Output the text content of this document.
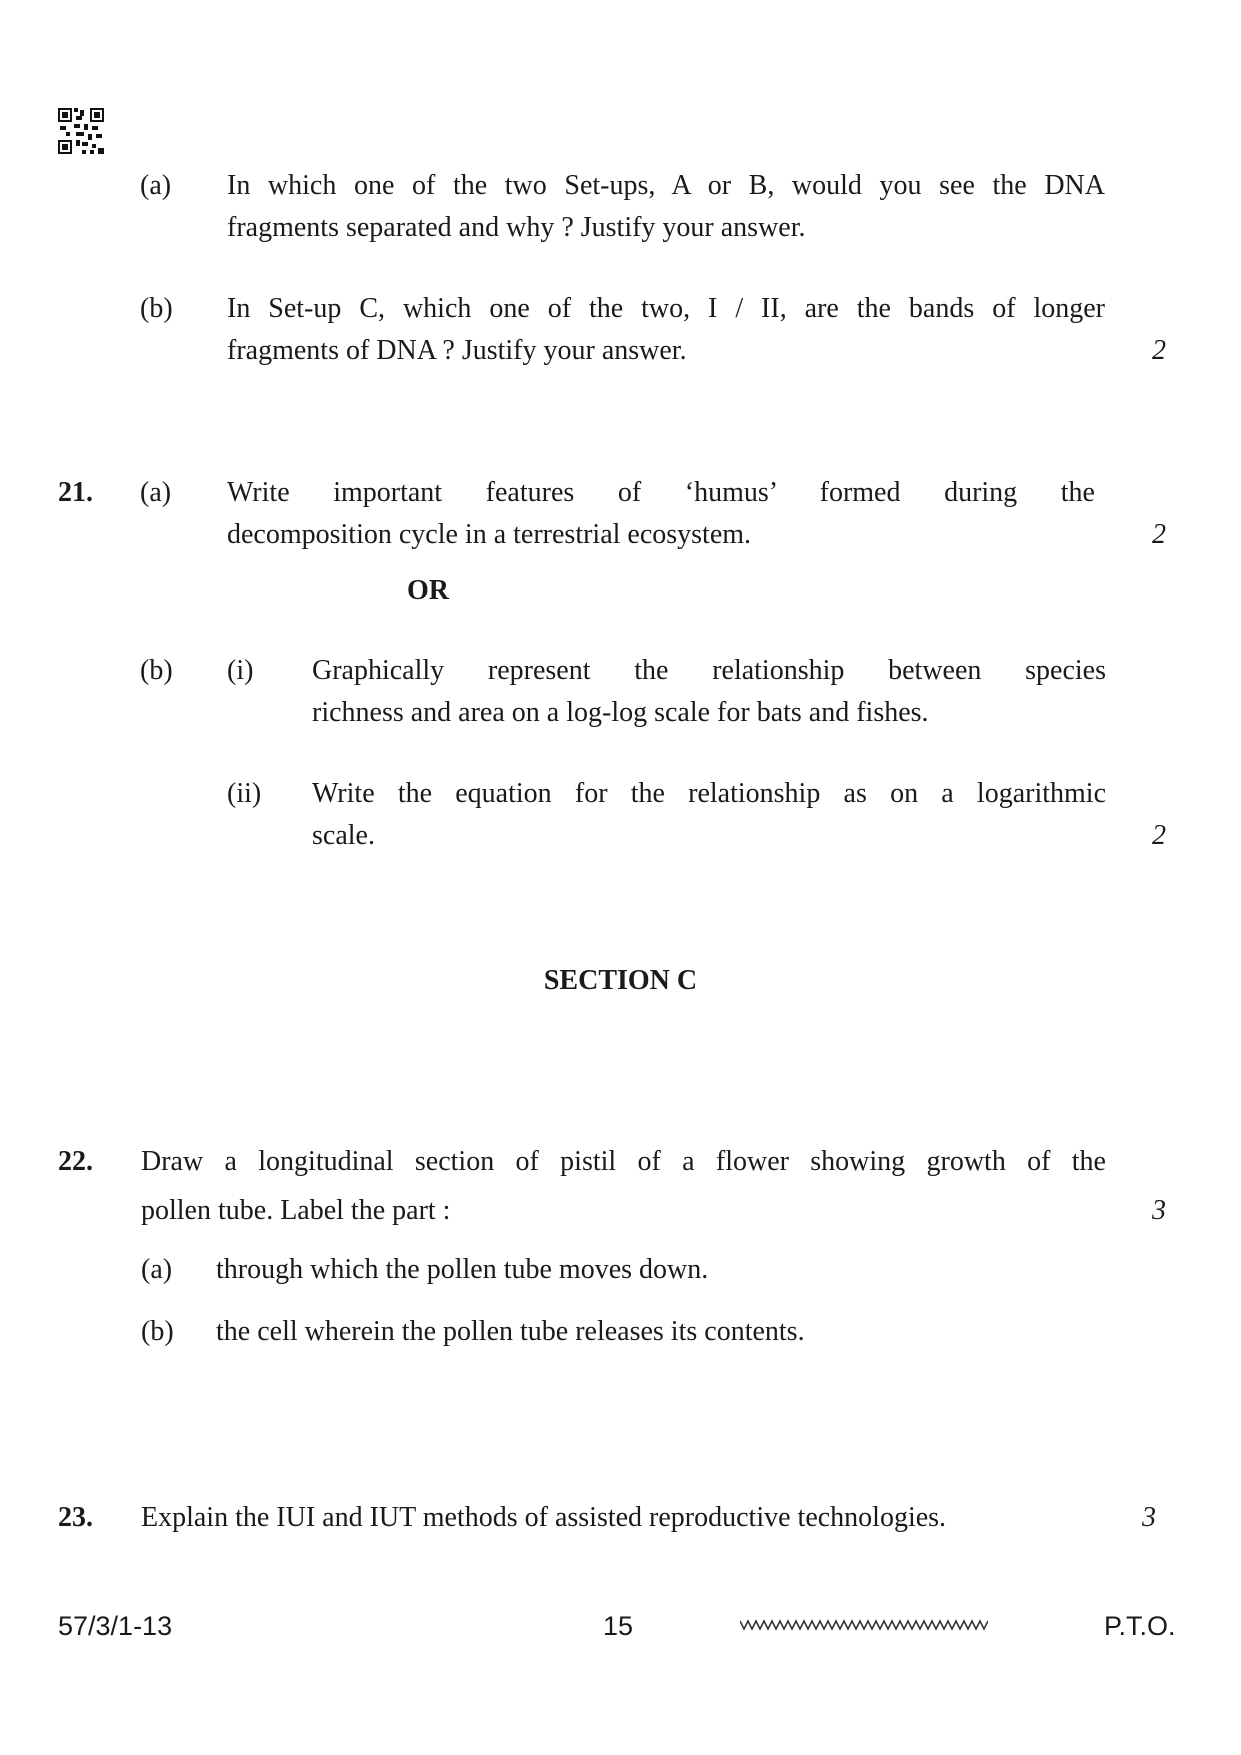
(a) In which one of the two Set-ups, A or B, would you see the DNA
fragments separated and why ? Justify your answer.
(b) In Set-up C, which one of the two, I / II, are the bands of longer
fragments of DNA ? Justify your answer.	2
21. (a) Write important features of ‘humus’ formed during the
decomposition cycle in a terrestrial ecosystem.	2
OR
(b) (i) Graphically represent the relationship between species
richness and area on a log-log scale for bats and fishes.
(ii) Write the equation for the relationship as on a logarithmic
scale.	2
SECTION C
22. Draw a longitudinal section of pistil of a flower showing growth of the
pollen tube. Label the part :	3
(a) through which the pollen tube moves down.
(b) the cell wherein the pollen tube releases its contents.
23. Explain the IUI and IUT methods of assisted reproductive technologies.	3
57/3/1-13	15	P.T.O.
